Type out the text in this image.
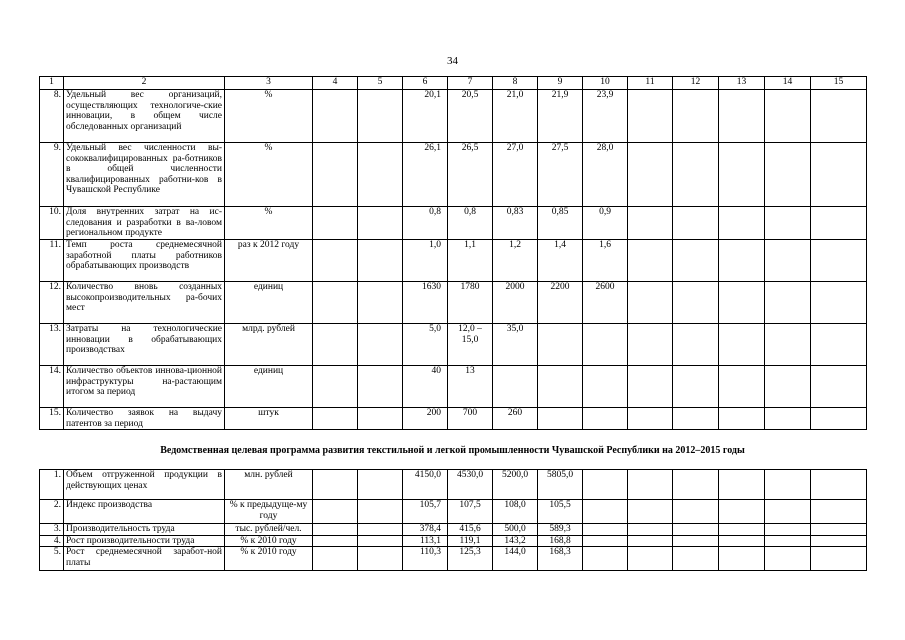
34
1	2	3	4	5	6	7	8	9	10	11	12	13	14	15
8.	Удельный вес организаций, осуществляющих технологиче-ские инновации, в общем числе обследованных организаций	%			20,1	20,5	21,0	21,9	23,9					
9.	Удельный вес численности вы-сококвалифицированных ра-ботников в общей численности квалифицированных работни-ков в Чувашской Республике	%			26,1	26,5	27,0	27,5	28,0					
10.	Доля внутренних затрат на ис-следования и разработки в ва-ловом региональном продукте	%			0,8	0,8	0,83	0,85	0,9					
11.	Темп роста среднемесячной заработной платы работников обрабатывающих производств	раз к 2012 году			1,0	1,1	1,2	1,4	1,6					
12.	Количество вновь созданных высокопроизводительных ра-бочих мест	единиц			1630	1780	2000	2200	2600					
13.	Затраты на технологические инновации в обрабатывающих производствах	млрд. рублей			5,0	12,0 – 15,0	35,0							
14.	Количество объектов иннова-ционной инфраструктуры на-растающим итогом за период	единиц			40	13								
15.	Количество заявок на выдачу патентов за период	штук			200	700	260							
Ведомственная целевая программа развития текстильной и легкой промышленности Чувашской Республики на 2012–2015 годы
1.	Объем отгруженной продукции в действующих ценах	млн. рублей			4150,0	4530,0	5200,0	5805,0						
2.	Индекс производства	% к предыдуще-му году			105,7	107,5	108,0	105,5						
3.	Производительность труда	тыс. рублей/чел.			378,4	415,6	500,0	589,3						
4.	Рост производительности труда	% к 2010 году			113,1	119,1	143,2	168,8						
5.	Рост среднемесячной заработ-ной платы	% к 2010 году			110,3	125,3	144,0	168,3						
